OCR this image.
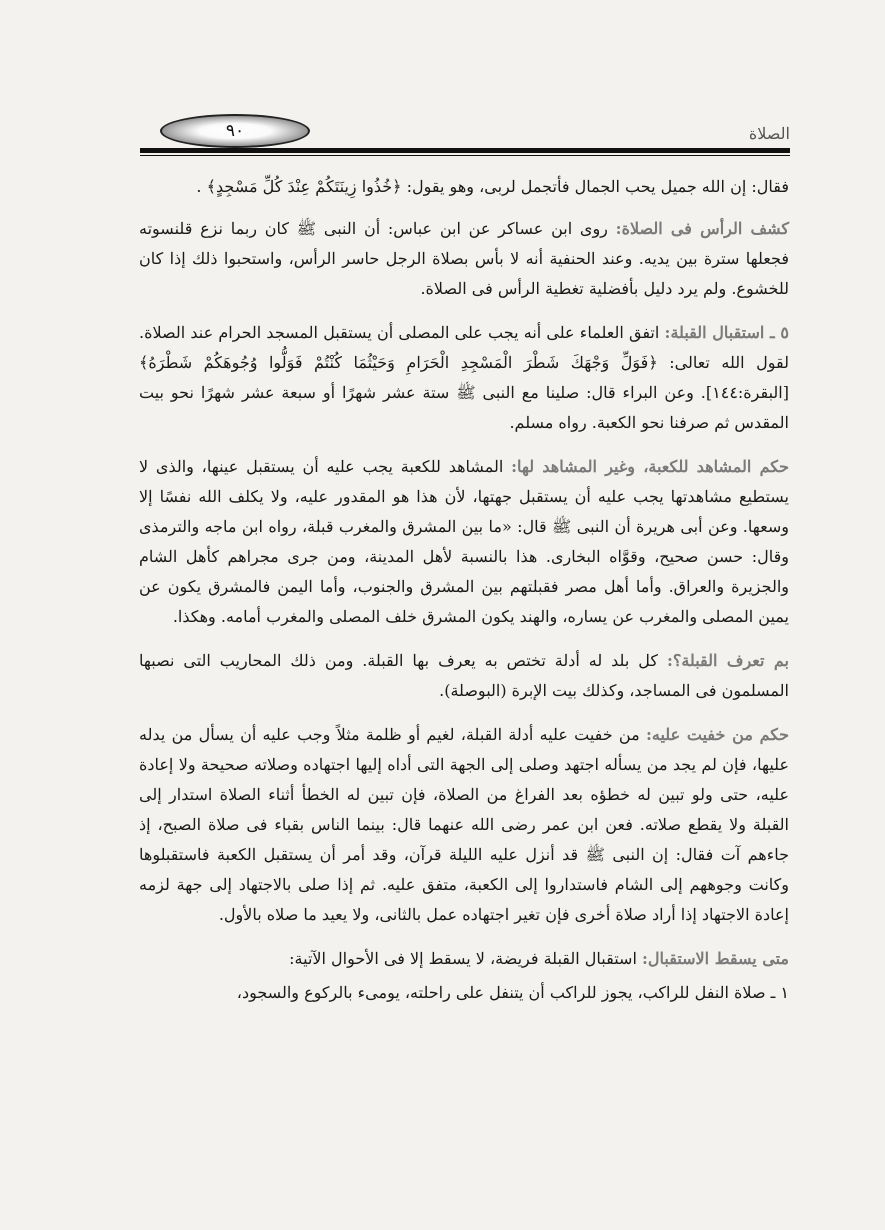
٩٠	الصلاة

فقال: إن الله جميل يحب الجمال فأتجمل لربى، وهو يقول: ﴿خُذُوا زِينَتَكُمْ عِنْدَ كُلِّ مَسْجِدٍ﴾ .

كشف الرأس فى الصلاة: روى ابن عساكر عن ابن عباس: أن النبى ﷺ كان ربما نزع قلنسوته فجعلها سترة بين يديه. وعند الحنفية أنه لا بأس بصلاة الرجل حاسر الرأس، واستحبوا ذلك إذا كان للخشوع. ولم يرد دليل بأفضلية تغطية الرأس فى الصلاة.

٥ ـ استقبال القبلة: اتفق العلماء على أنه يجب على المصلى أن يستقبل المسجد الحرام عند الصلاة. لقول الله تعالى: ﴿فَوَلِّ وَجْهَكَ شَطْرَ الْمَسْجِدِ الْحَرَامِ وَحَيْثُمَا كُنْتُمْ فَوَلُّوا وُجُوهَكُمْ شَطْرَهُ﴾ [البقرة:١٤٤]. وعن البراء قال: صلينا مع النبى ﷺ ستة عشر شهرًا أو سبعة عشر شهرًا نحو بيت المقدس ثم صرفنا نحو الكعبة. رواه مسلم.

حكم المشاهد للكعبة، وغير المشاهد لها: المشاهد للكعبة يجب عليه أن يستقبل عينها، والذى لا يستطيع مشاهدتها يجب عليه أن يستقبل جهتها، لأن هذا هو المقدور عليه، ولا يكلف الله نفسًا إلا وسعها. وعن أبى هريرة أن النبى ﷺ قال: «ما بين المشرق والمغرب قبلة، رواه ابن ماجه والترمذى وقال: حسن صحيح، وقوَّاه البخارى. هذا بالنسبة لأهل المدينة، ومن جرى مجراهم كأهل الشام والجزيرة والعراق. وأما أهل مصر فقبلتهم بين المشرق والجنوب، وأما اليمن فالمشرق يكون عن يمين المصلى والمغرب عن يساره، والهند يكون المشرق خلف المصلى والمغرب أمامه. وهكذا.

بم تعرف القبلة؟: كل بلد له أدلة تختص به يعرف بها القبلة. ومن ذلك المحاريب التى نصبها المسلمون فى المساجد، وكذلك بيت الإبرة (البوصلة).

حكم من خفيت عليه: من خفيت عليه أدلة القبلة، لغيم أو ظلمة مثلاً وجب عليه أن يسأل من يدله عليها، فإن لم يجد من يسأله اجتهد وصلى إلى الجهة التى أداه إليها اجتهاده وصلاته صحيحة ولا إعادة عليه، حتى ولو تبين له خطؤه بعد الفراغ من الصلاة، فإن تبين له الخطأ أثناء الصلاة استدار إلى القبلة ولا يقطع صلاته. فعن ابن عمر رضى الله عنهما قال: بينما الناس بقباء فى صلاة الصبح، إذ جاءهم آت فقال: إن النبى ﷺ قد أنزل عليه الليلة قرآن، وقد أمر أن يستقبل الكعبة فاستقبلوها وكانت وجوههم إلى الشام فاستداروا إلى الكعبة، متفق عليه. ثم إذا صلى بالاجتهاد إلى جهة لزمه إعادة الاجتهاد إذا أراد صلاة أخرى فإن تغير اجتهاده عمل بالثانى، ولا يعيد ما صلاه بالأول.

متى يسقط الاستقبال: استقبال القبلة فريضة، لا يسقط إلا فى الأحوال الآتية:

١ ـ صلاة النفل للراكب، يجوز للراكب أن يتنفل على راحلته، يومىء بالركوع والسجود،
